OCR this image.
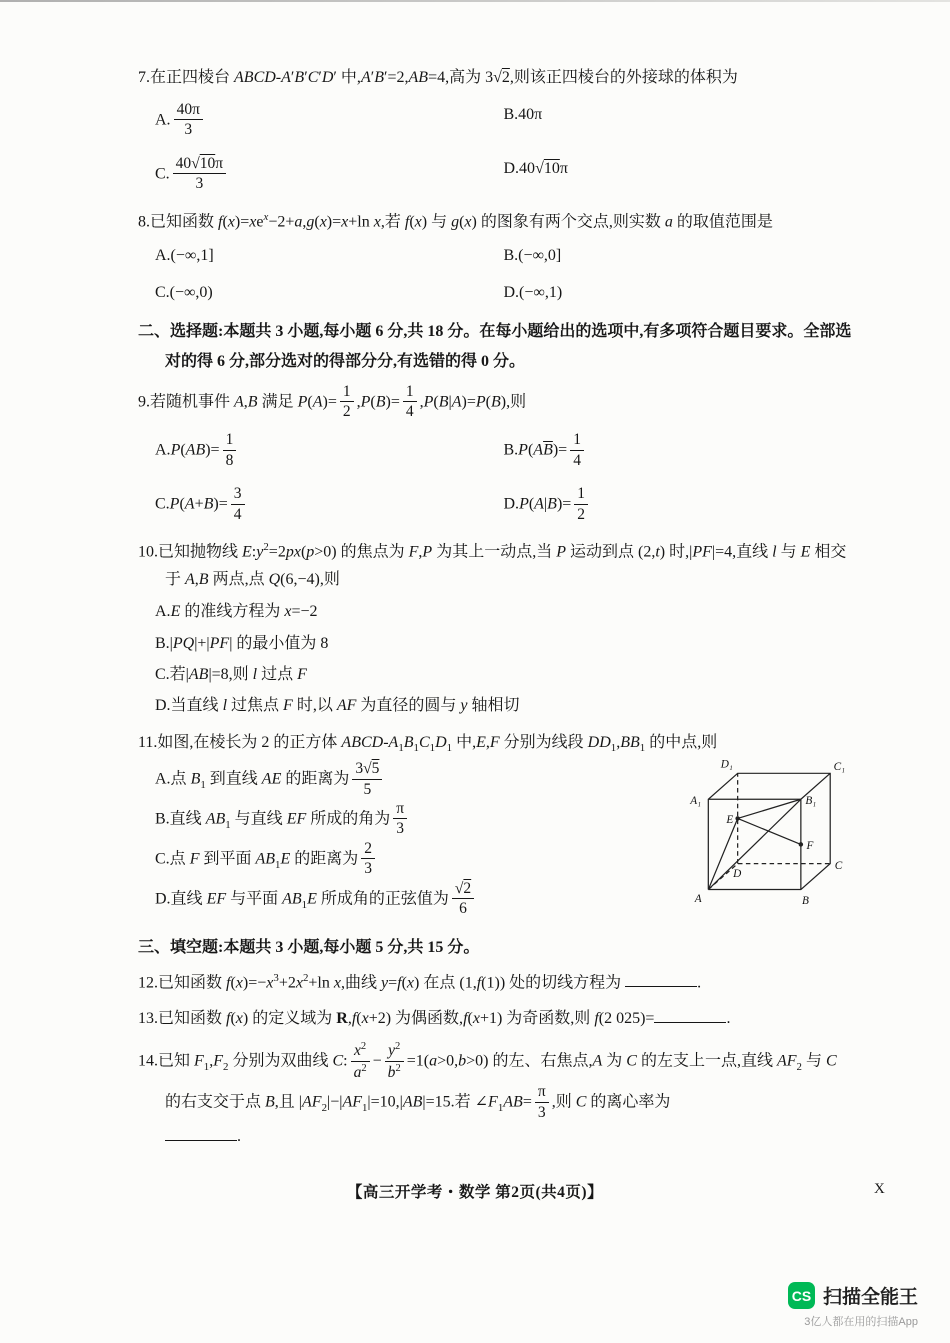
7.在正四棱台 ABCD-A′B′C′D′ 中,A′B′=2,AB=4,高为 3√2,则该正四棱台的外接球的体积为

A. $\frac{40\pi}{3}$	B.40π
C. $\frac{40√10\pi}{3}$	D.40√10π

8.已知函数 $f(x)=xe^x-2+a,g(x)=x+\ln$ x,若 f(x) 与 g(x) 的图象有两个交点,则实数 a 的取值范围是

A.(−∞,1]	B.(−∞,0]
C.(−∞,0)	D.(−∞,1)

二、选择题:本题共 3 小题,每小题 6 分,共 18 分。在每小题给出的选项中,有多项符合题目要求。全部选对的得 6 分,部分选对的得部分分,有选错的得 0 分。

9.若随机事件 A,B 满足 $P(A)= \frac{1}{2} ,P(B)= \frac{1}{4} ,P(B|A)=P(B)$,则

$A.P(AB)= \frac{1}{8}$	$B.P(A\overline{B})= \frac{1}{4}$
$C.P(A+B)= \frac{3}{4}$	$D.P(A|B)= \frac{1}{2}$

10.已知抛物线 $E:y^2=2px(p>0)$ 的焦点为 F,P 为其上一动点,当 P 运动到点 (2,t) 时,|PF|=4,直线 l 与 E 相交于 A,B 两点,点 Q(6,−4),则

A.E 的准线方程为 x=−2
B.|PQ|+|PF| 的最小值为 8
C.若|AB|=8,则 l 过点 F
D.当直线 l 过焦点 F 时,以 AF 为直径的圆与 y 轴相切

11.如图,在棱长为 2 的正方体 ABCD-$A_1B_1C_1D_1$ 中,E,F 分别为线段 $DD_1,BB_1$ 的中点,则

D₁	C₁
A₁	B₁
E
F
D
C
A	B
A.点 $B_1$ 到直线 AE 的距离为 $\frac{3√5}{5}$
B.直线 $AB_1$ 与直线 EF 所成的角为 $\frac{\pi}{3}$
C.点 F 到平面 $AB_1E$ 的距离为 $\frac{2}{3}$
D.直线 EF 与平面 $AB_1E$ 所成角的正弦值为 $\frac{√2}{6}$

三、填空题:本题共 3 小题,每小题 5 分,共 15 分。

12.已知函数 $f(x)=-x^3+2x^2+\ln$ x,曲线 y=f(x) 在点 (1,f(1)) 处的切线方程为	.

13.已知函数 f(x) 的定义域为 R,f(x+2) 为偶函数,f(x+1) 为奇函数,则 f(2 025)=	.

14.已知 $F_1,F_2$ 分别为双曲线 C: $\frac{x^2}{a^2} - \frac{y^2}{b^2} =1(a>0,b>0)$ 的左、右焦点,A 为 C 的左支上一点,直线 $AF_2$ 与 C 的右支交于点 B,且 $|AF_2|-|AF_1|=10,|AB|=15$.若 $\angle F_1AB= \frac{\pi}{3}$ ,则 C 的离心率为
.

【高三开学考・数学 第2页(共4页)】	X
CS 扫描全能王
3亿人都在用的扫描App
